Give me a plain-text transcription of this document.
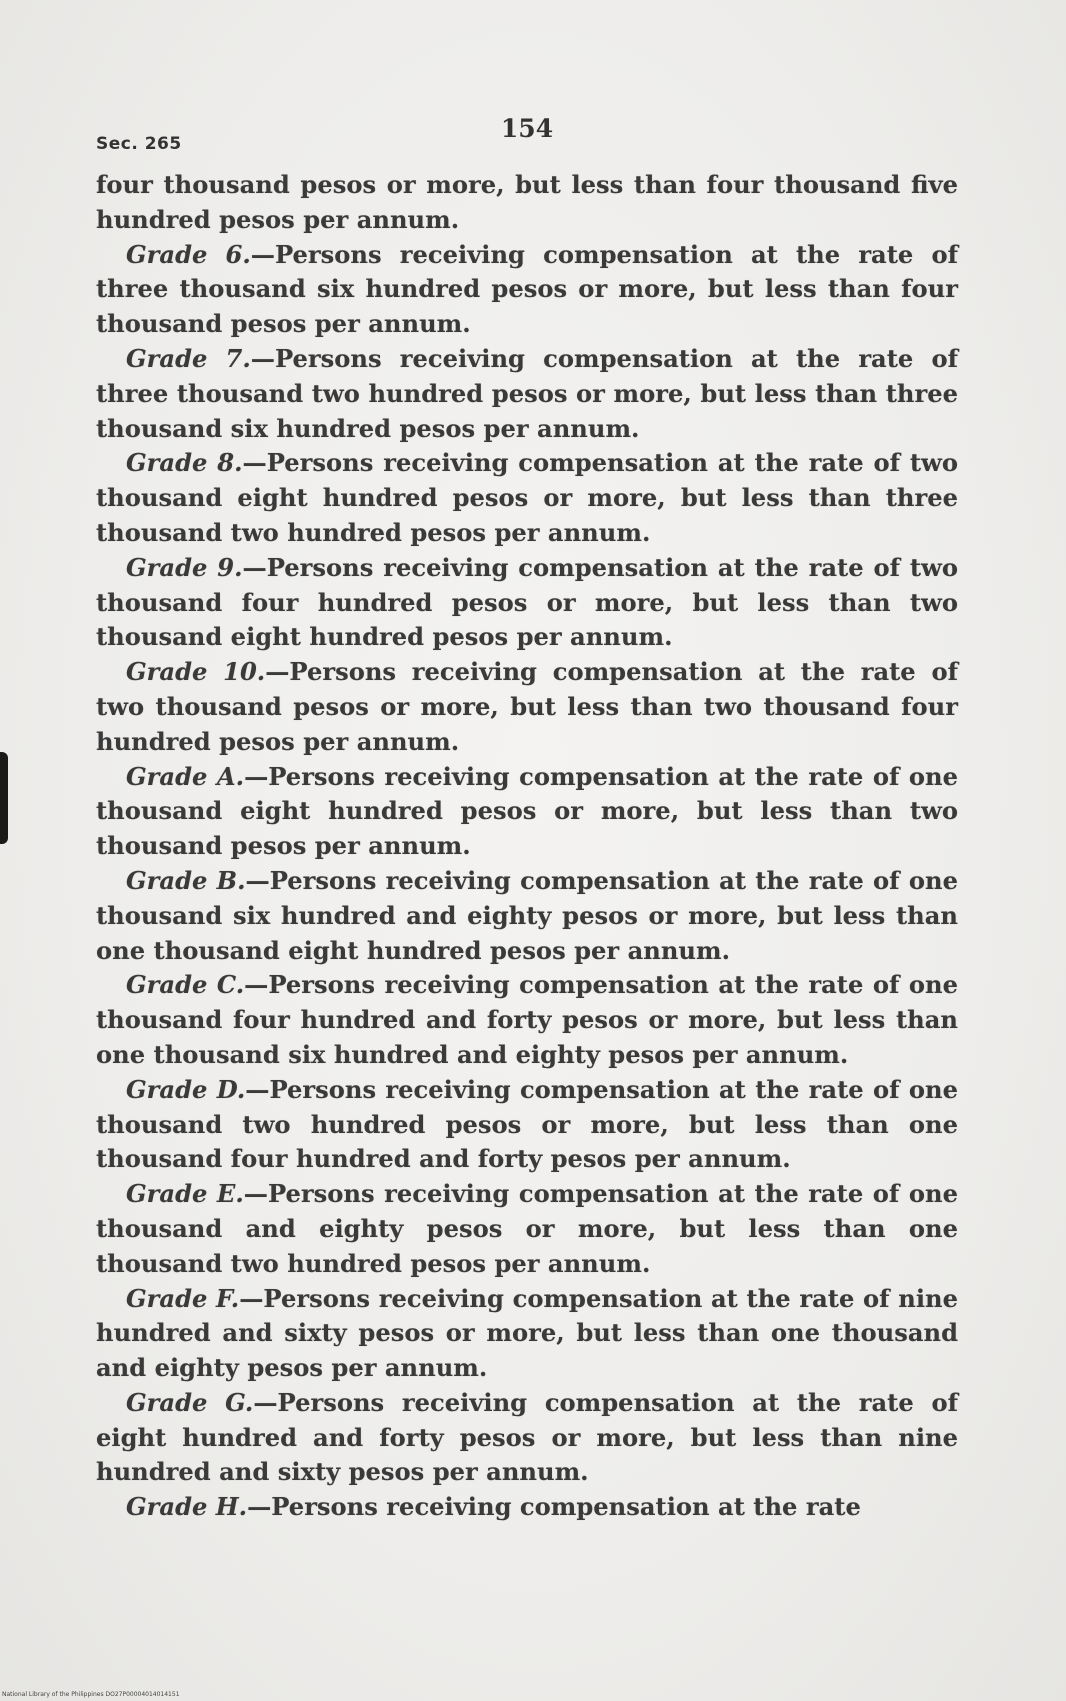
Sec. 265
154

four thousand pesos or more, but less than four thousand five hundred pesos per annum.

Grade 6.—Persons receiving compensation at the rate of three thousand six hundred pesos or more, but less than four thousand pesos per annum.

Grade 7.—Persons receiving compensation at the rate of three thousand two hundred pesos or more, but less than three thousand six hundred pesos per annum.

Grade 8.—Persons receiving compensation at the rate of two thousand eight hundred pesos or more, but less than three thousand two hundred pesos per annum.

Grade 9.—Persons receiving compensation at the rate of two thousand four hundred pesos or more, but less than two thousand eight hundred pesos per annum.

Grade 10.—Persons receiving compensation at the rate of two thousand pesos or more, but less than two thousand four hundred pesos per annum.

Grade A.—Persons receiving compensation at the rate of one thousand eight hundred pesos or more, but less than two thousand pesos per annum.

Grade B.—Persons receiving compensation at the rate of one thousand six hundred and eighty pesos or more, but less than one thousand eight hundred pesos per annum.

Grade C.—Persons receiving compensation at the rate of one thousand four hundred and forty pesos or more, but less than one thousand six hundred and eighty pesos per annum.

Grade D.—Persons receiving compensation at the rate of one thousand two hundred pesos or more, but less than one thousand four hundred and forty pesos per annum.

Grade E.—Persons receiving compensation at the rate of one thousand and eighty pesos or more, but less than one thousand two hundred pesos per annum.

Grade F.—Persons receiving compensation at the rate of nine hundred and sixty pesos or more, but less than one thousand and eighty pesos per annum.

Grade G.—Persons receiving compensation at the rate of eight hundred and forty pesos or more, but less than nine hundred and sixty pesos per annum.

Grade H.—Persons receiving compensation at the rate

National Library of the Philippines DO27P00004014014151
